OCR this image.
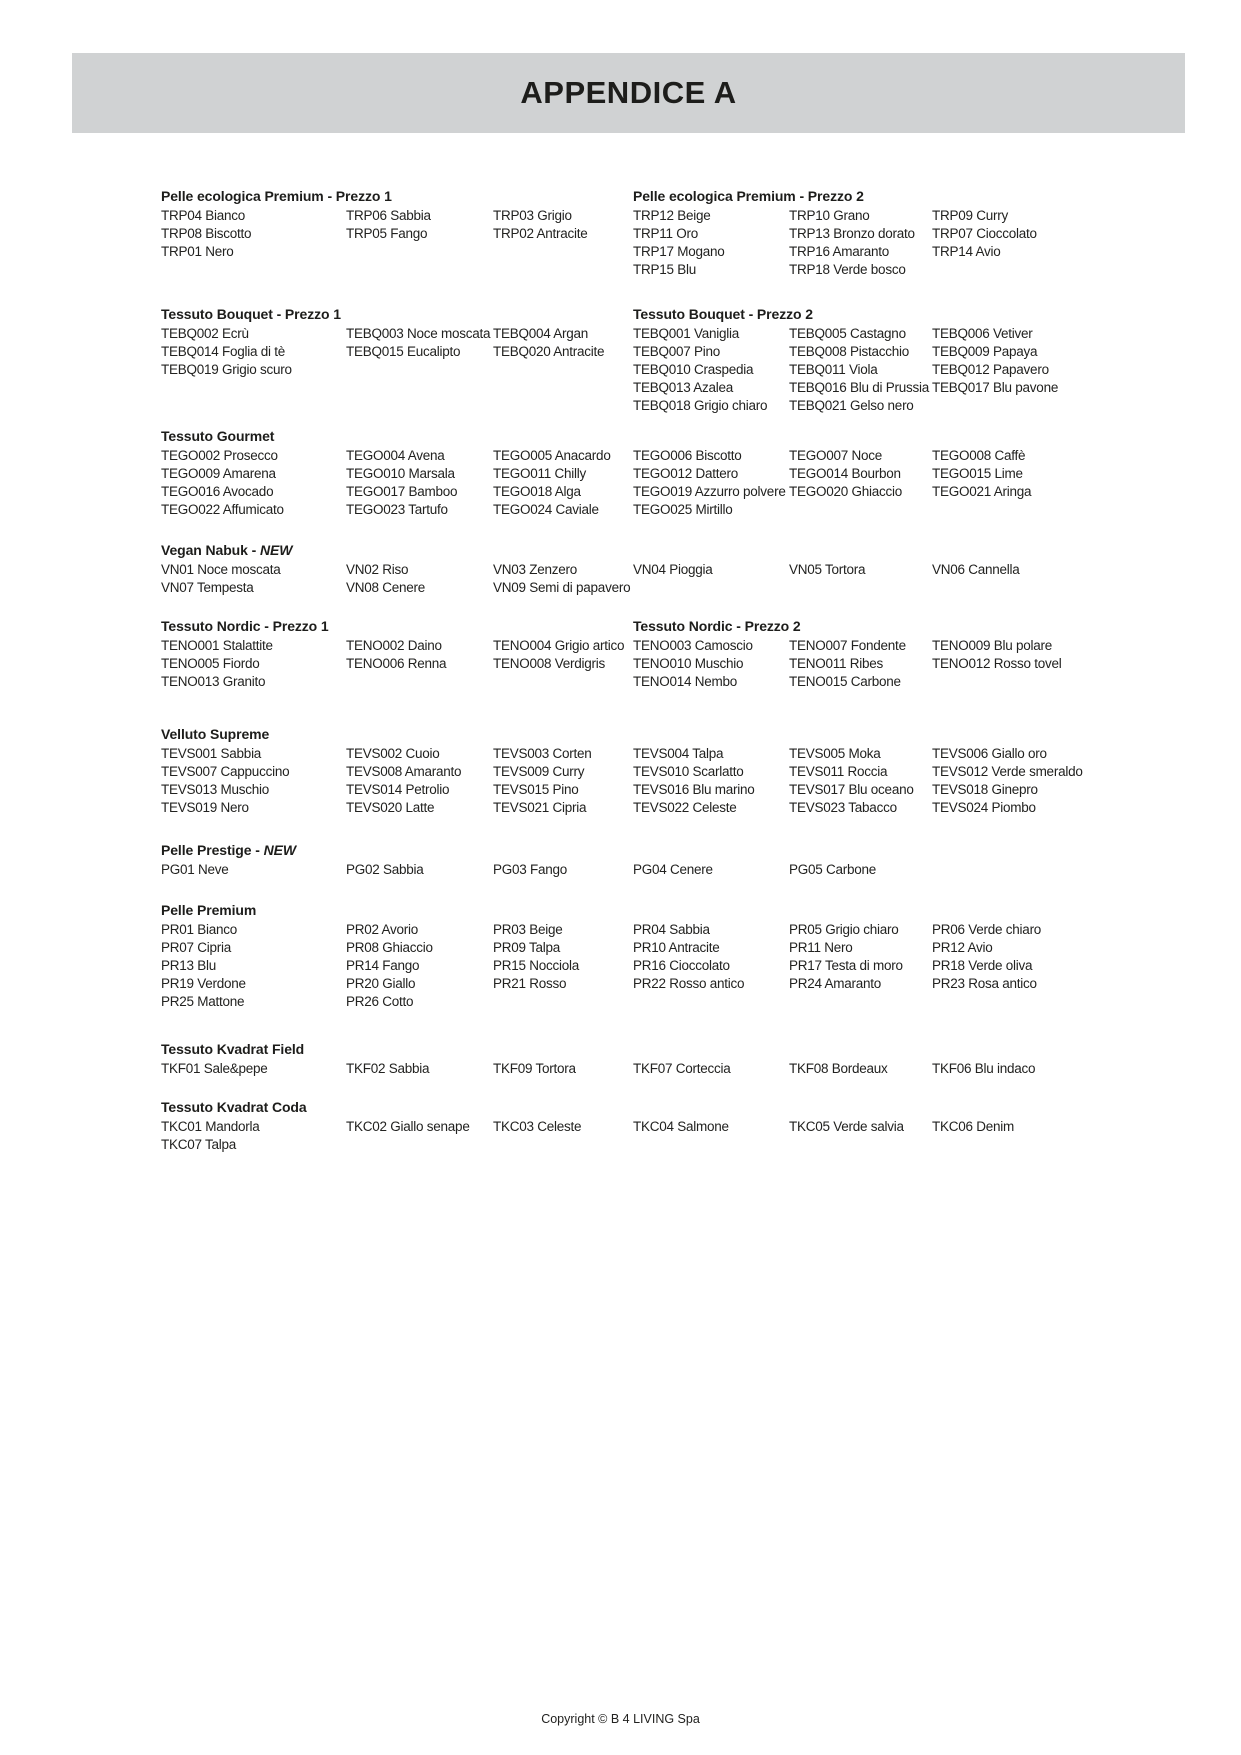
APPENDICE A
Pelle ecologica Premium - Prezzo 1
TRP04 Bianco	TRP06 Sabbia	TRP03 Grigio
TRP08 Biscotto	TRP05 Fango	TRP02 Antracite
TRP01 Nero
Pelle ecologica Premium - Prezzo 2
TRP12 Beige	TRP10 Grano	TRP09 Curry
TRP11 Oro	TRP13 Bronzo dorato	TRP07 Cioccolato
TRP17 Mogano	TRP16 Amaranto	TRP14 Avio
TRP15 Blu	TRP18 Verde bosco
Tessuto Bouquet - Prezzo 1
TEBQ002 Ecrù	TEBQ003 Noce moscata TEBQ004 Argan
TEBQ014 Foglia di tè	TEBQ015 Eucalipto	TEBQ020 Antracite
TEBQ019 Grigio scuro
Tessuto Bouquet - Prezzo 2
TEBQ001 Vaniglia	TEBQ005 Castagno	TEBQ006 Vetiver
TEBQ007 Pino	TEBQ008 Pistacchio	TEBQ009 Papaya
TEBQ010 Craspedia	TEBQ011 Viola	TEBQ012 Papavero
TEBQ013 Azalea	TEBQ016 Blu di Prussia TEBQ017 Blu pavone
TEBQ018 Grigio chiaro	TEBQ021 Gelso nero
Tessuto Gourmet
TEGO002 Prosecco	TEGO004 Avena	TEGO005 Anacardo	TEGO006 Biscotto	TEGO007 Noce	TEGO008 Caffè
TEGO009 Amarena	TEGO010 Marsala	TEGO011 Chilly	TEGO012 Dattero	TEGO014 Bourbon	TEGO015 Lime
TEGO016 Avocado	TEGO017 Bamboo	TEGO018 Alga	TEGO019 Azzurro polvere TEGO020 Ghiaccio	TEGO021 Aringa
TEGO022 Affumicato	TEGO023 Tartufo	TEGO024 Caviale	TEGO025 Mirtillo
Vegan Nabuk - NEW
VN01 Noce moscata	VN02 Riso	VN03 Zenzero	VN04 Pioggia	VN05 Tortora	VN06 Cannella
VN07 Tempesta	VN08 Cenere	VN09 Semi di papavero
Tessuto Nordic - Prezzo 1
TENO001 Stalattite	TENO002 Daino	TENO004 Grigio artico
TENO005 Fiordo	TENO006 Renna	TENO008 Verdigris
TENO013 Granito
Tessuto Nordic - Prezzo 2
TENO003 Camoscio	TENO007 Fondente	TENO009 Blu polare
TENO010 Muschio	TENO011 Ribes	TENO012 Rosso tovel
TENO014 Nembo	TENO015 Carbone
Velluto Supreme
TEVS001 Sabbia	TEVS002 Cuoio	TEVS003 Corten	TEVS004 Talpa	TEVS005 Moka	TEVS006 Giallo oro
TEVS007 Cappuccino	TEVS008 Amaranto	TEVS009 Curry	TEVS010 Scarlatto	TEVS011 Roccia	TEVS012 Verde smeraldo
TEVS013 Muschio	TEVS014 Petrolio	TEVS015 Pino	TEVS016 Blu marino	TEVS017 Blu oceano	TEVS018 Ginepro
TEVS019 Nero	TEVS020 Latte	TEVS021 Cipria	TEVS022 Celeste	TEVS023 Tabacco	TEVS024 Piombo
Pelle Prestige - NEW
PG01 Neve	PG02 Sabbia	PG03 Fango	PG04 Cenere	PG05 Carbone
Pelle Premium
PR01 Bianco	PR02 Avorio	PR03 Beige	PR04 Sabbia	PR05 Grigio chiaro	PR06 Verde chiaro
PR07 Cipria	PR08 Ghiaccio	PR09 Talpa	PR10 Antracite	PR11 Nero	PR12 Avio
PR13 Blu	PR14 Fango	PR15 Nocciola	PR16 Cioccolato	PR17 Testa di moro	PR18 Verde oliva
PR19 Verdone	PR20 Giallo	PR21 Rosso	PR22 Rosso antico	PR24 Amaranto	PR23 Rosa antico
PR25 Mattone	PR26 Cotto
Tessuto Kvadrat Field
TKF01 Sale&pepe	TKF02 Sabbia	TKF09 Tortora	TKF07 Corteccia	TKF08 Bordeaux	TKF06 Blu indaco
Tessuto Kvadrat Coda
TKC01 Mandorla	TKC02 Giallo senape	TKC03 Celeste	TKC04 Salmone	TKC05 Verde salvia	TKC06 Denim
TKC07 Talpa
Copyright © B 4 LIVING Spa
